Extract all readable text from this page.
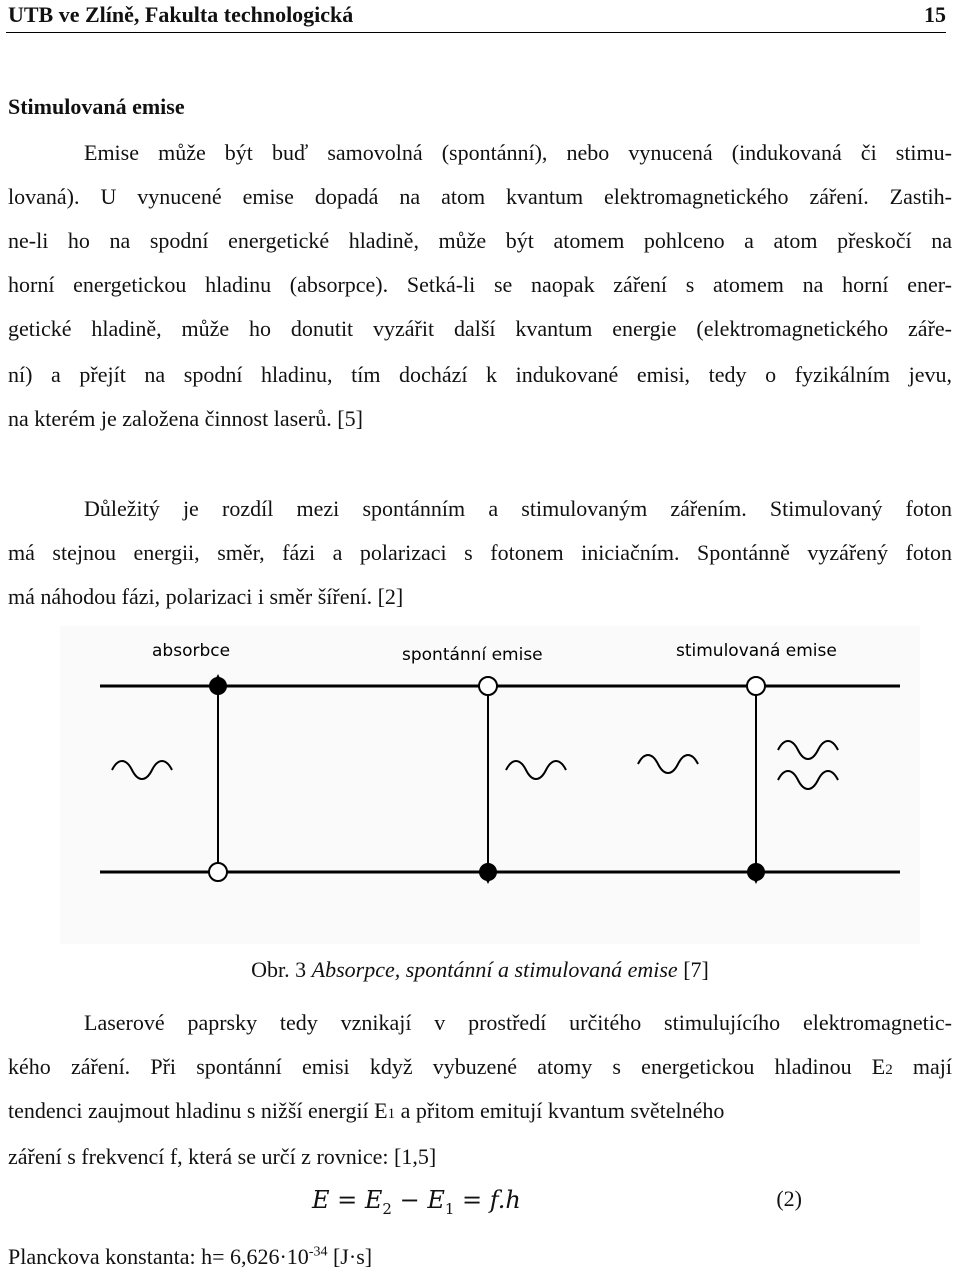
UTB ve Zlíně, Fakulta technologická	15
Stimulovaná emise
Emise může být buď samovolná (spontánní), nebo vynucená (indukovaná či stimu-
lovaná). U vynucené emise dopadá na atom kvantum elektromagnetického záření. Zastih-
ne-li ho na spodní energetické hladině, může být atomem pohlceno a atom přeskočí na
horní energetickou hladinu (absorpce). Setká-li se naopak záření s atomem na horní ener-
getické hladině, může ho donutit vyzářit další kvantum energie (elektromagnetického záře-
ní) a přejít na spodní hladinu, tím dochází k indukované emisi, tedy o fyzikálním jevu,
na kterém je založena činnost laserů. [5]
Důležitý je rozdíl mezi spontánním a stimulovaným zářením. Stimulovaný foton
má stejnou energii, směr, fázi a polarizaci s fotonem iniciačním. Spontánně vyzářený foton
má náhodou fázi, polarizaci i směr šíření. [2]
absorbce	spontánní emise	stimulovaná emise
Obr. 3 Absorpce, spontánní a stimulovaná emise [7]
Laserové paprsky tedy vznikají v prostředí určitého stimulujícího elektromagnetic-
kého záření. Při spontánní emisi když vybuzené atomy s energetickou hladinou E2 mají
tendenci zaujmout hladinu s nižší energií E1 a přitom emitují kvantum světelného
záření s frekvencí f, která se určí z rovnice: [1,5]
$E = E_2 - E_1 = f.h$	(2)
Planckova konstanta: $h= 6,626\cdot 10^{-34}$ [J·s]
